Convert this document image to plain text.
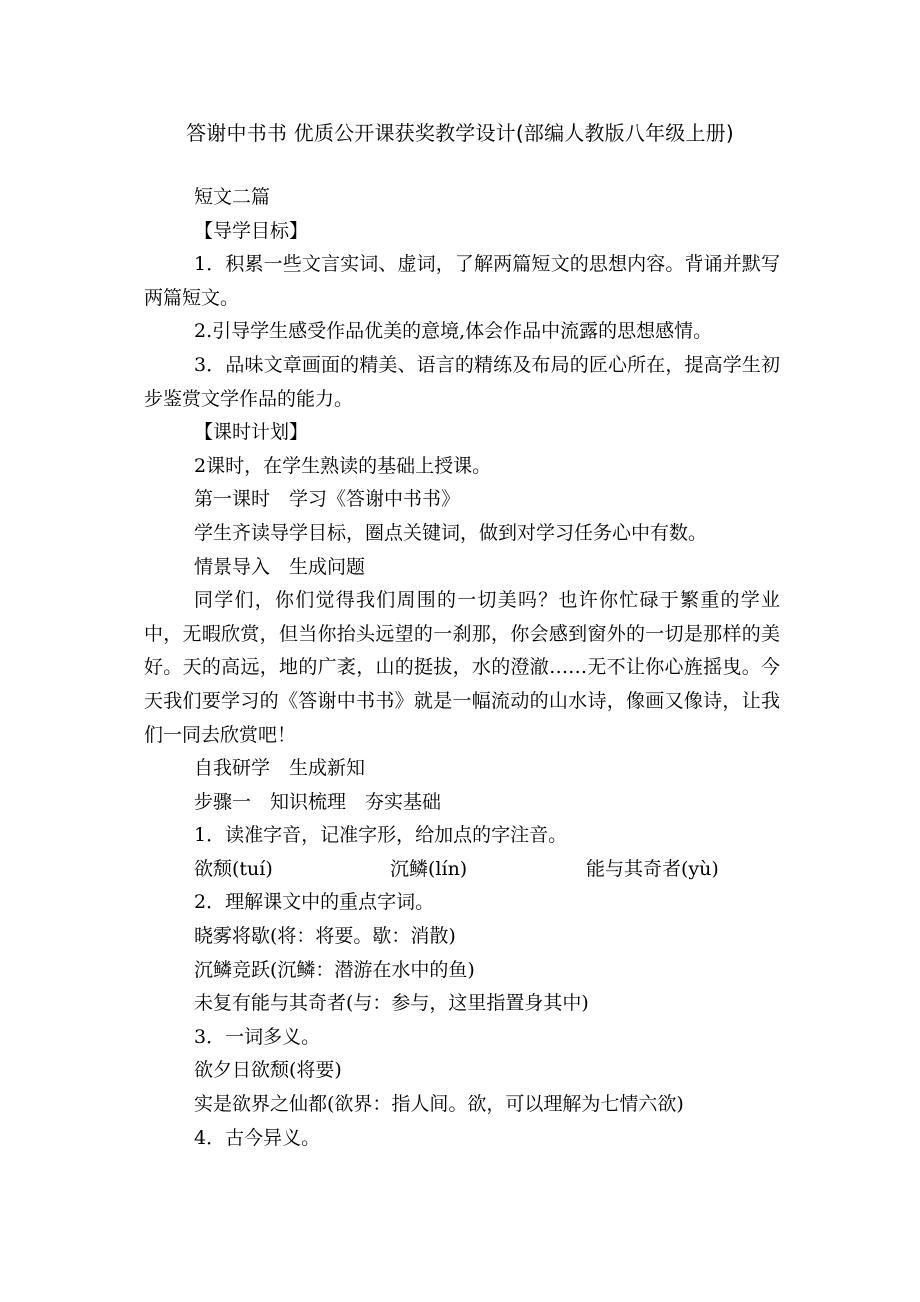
答谢中书书 优质公开课获奖教学设计(部编人教版八年级上册)

短文二篇

【导学目标】

1．积累一些文言实词、虚词，了解两篇短文的思想内容。背诵并默写两篇短文。

2.引导学生感受作品优美的意境,体会作品中流露的思想感情。

3．品味文章画面的精美、语言的精练及布局的匠心所在，提高学生初步鉴赏文学作品的能力。

【课时计划】

2课时，在学生熟读的基础上授课。

第一课时　学习《答谢中书书》

学生齐读导学目标，圈点关键词，做到对学习任务心中有数。

情景导入　生成问题

同学们，你们觉得我们周围的一切美吗？也许你忙碌于繁重的学业中，无暇欣赏，但当你抬头远望的一刹那，你会感到窗外的一切是那样的美好。天的高远，地的广袤，山的挺拔，水的澄澈……无不让你心旌摇曳。今天我们要学习的《答谢中书书》就是一幅流动的山水诗，像画又像诗，让我们一同去欣赏吧！

自我研学　生成新知

步骤一　知识梳理　夯实基础

1．读准字音，记准字形，给加点的字注音。

欲颓(tuí)	沉鳞(lín)	能与其奇者(yù)

2．理解课文中的重点字词。

晓雾将歇(将：将要。歇：消散)

沉鳞竞跃(沉鳞：潜游在水中的鱼)

未复有能与其奇者(与：参与，这里指置身其中)

3．一词多义。

欲夕日欲颓(将要)

实是欲界之仙都(欲界：指人间。欲，可以理解为七情六欲)

4．古今异义。
